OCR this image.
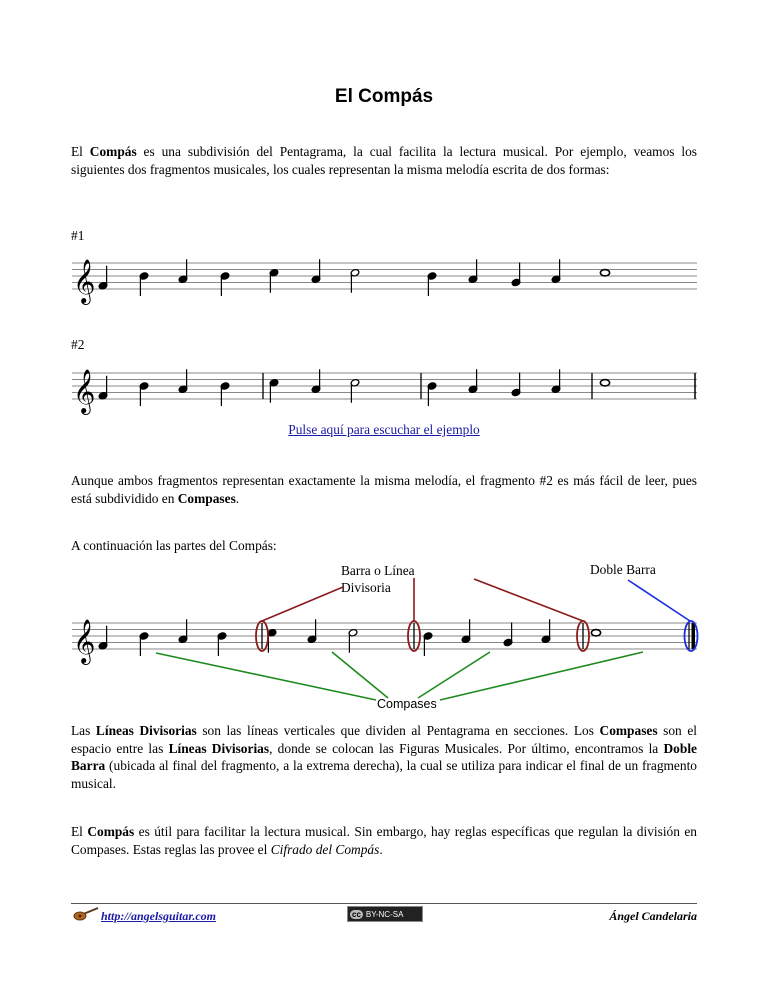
El Compás

El Compás es una subdivisión del Pentagrama, la cual facilita la lectura musical. Por ejemplo, veamos los siguientes dos fragmentos musicales, los cuales representan la misma melodía escrita de dos formas:

#1
𝄞
#2
𝄞
Pulse aquí para escuchar el ejemplo

Aunque ambos fragmentos representan exactamente la misma melodía, el fragmento #2 es más fácil de leer, pues está subdividido en Compases.

A continuación las partes del Compás:
Barra o Línea
Divisoria
Doble Barra
𝄞
Compases

Las Líneas Divisorias son las líneas verticales que dividen al Pentagrama en secciones. Los Compases son el espacio entre las Líneas Divisorias, donde se colocan las Figuras Musicales. Por último, encontramos la Doble Barra (ubicada al final del fragmento, a la extrema derecha), la cual se utiliza para indicar el final de un fragmento musical.

El Compás es útil para facilitar la lectura musical. Sin embargo, hay reglas específicas que regulan la división en Compases. Estas reglas las provee el Cifrado del Compás.

http://angelsguitar.com	cc BY-NC-SA	Ángel Candelaria
